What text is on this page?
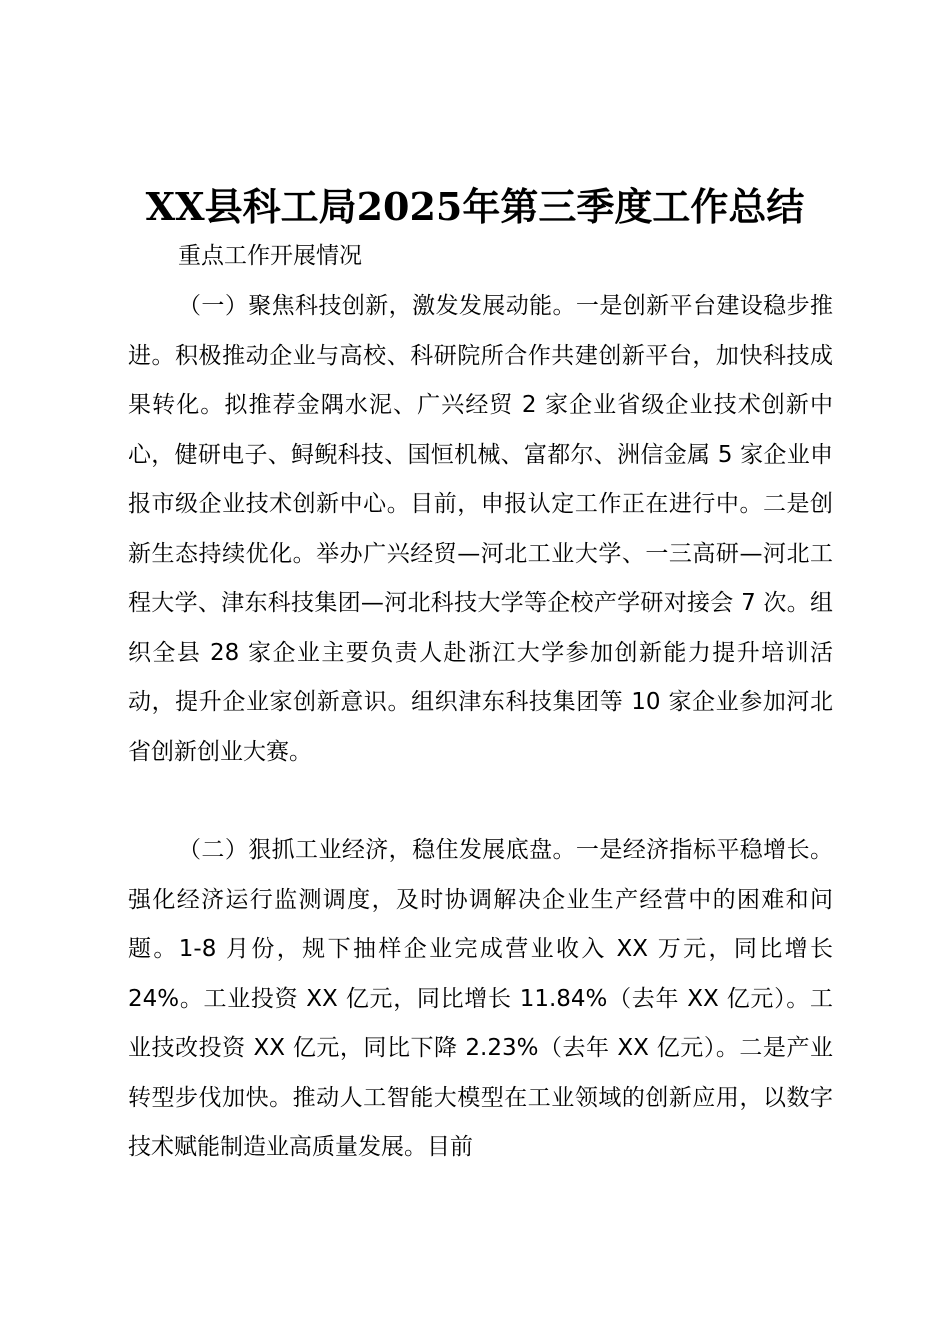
XX县科工局2025年第三季度工作总结

重点工作开展情况

（一）聚焦科技创新，激发发展动能。一是创新平台建设稳步推进。积极推动企业与高校、科研院所合作共建创新平台，加快科技成果转化。拟推荐金隅水泥、广兴经贸 2 家企业省级企业技术创新中心，健研电子、鲟鲵科技、国恒机械、富都尔、洲信金属 5 家企业申报市级企业技术创新中心。目前，申报认定工作正在进行中。二是创新生态持续优化。举办广兴经贸—河北工业大学、一三高研—河北工程大学、津东科技集团—河北科技大学等企校产学研对接会 7 次。组织全县 28 家企业主要负责人赴浙江大学参加创新能力提升培训活动，提升企业家创新意识。组织津东科技集团等 10 家企业参加河北省创新创业大赛。

（二）狠抓工业经济，稳住发展底盘。一是经济指标平稳增长。强化经济运行监测调度，及时协调解决企业生产经营中的困难和问题。1-8 月份，规下抽样企业完成营业收入 XX 万元，同比增长 24%。工业投资 XX 亿元，同比增长 11.84%（去年 XX 亿元）。工业技改投资 XX 亿元，同比下降 2.23%（去年 XX 亿元）。二是产业转型步伐加快。推动人工智能大模型在工业领域的创新应用，以数字技术赋能制造业高质量发展。目前
